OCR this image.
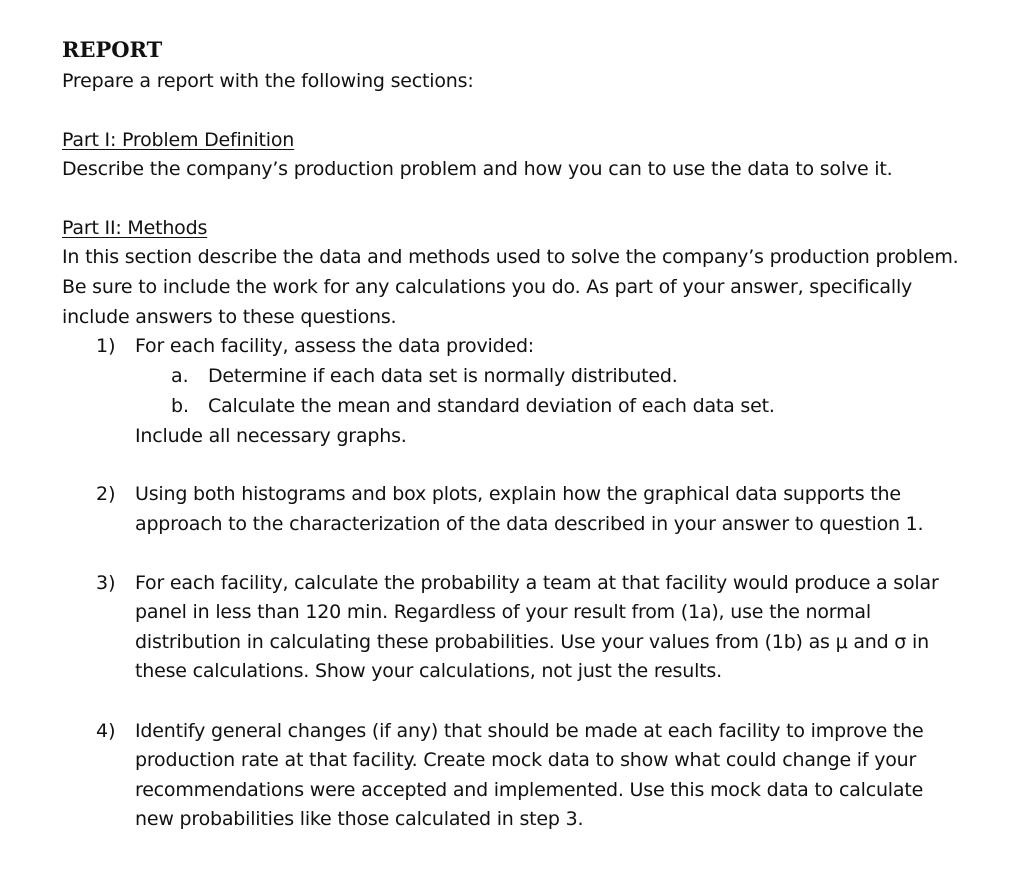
REPORT
Prepare a report with the following sections:
Part I: Problem Definition
Describe the company’s production problem and how you can to use the data to solve it.
Part II: Methods
In this section describe the data and methods used to solve the company’s production problem.
Be sure to include the work for any calculations you do. As part of your answer, specifically
include answers to these questions.
1) For each facility, assess the data provided:
a. Determine if each data set is normally distributed.
b. Calculate the mean and standard deviation of each data set.
Include all necessary graphs.
2) Using both histograms and box plots, explain how the graphical data supports the
approach to the characterization of the data described in your answer to question 1.
3) For each facility, calculate the probability a team at that facility would produce a solar
panel in less than 120 min. Regardless of your result from (1a), use the normal
distribution in calculating these probabilities. Use your values from (1b) as μ and σ in
these calculations. Show your calculations, not just the results.
4) Identify general changes (if any) that should be made at each facility to improve the
production rate at that facility. Create mock data to show what could change if your
recommendations were accepted and implemented. Use this mock data to calculate
new probabilities like those calculated in step 3.
